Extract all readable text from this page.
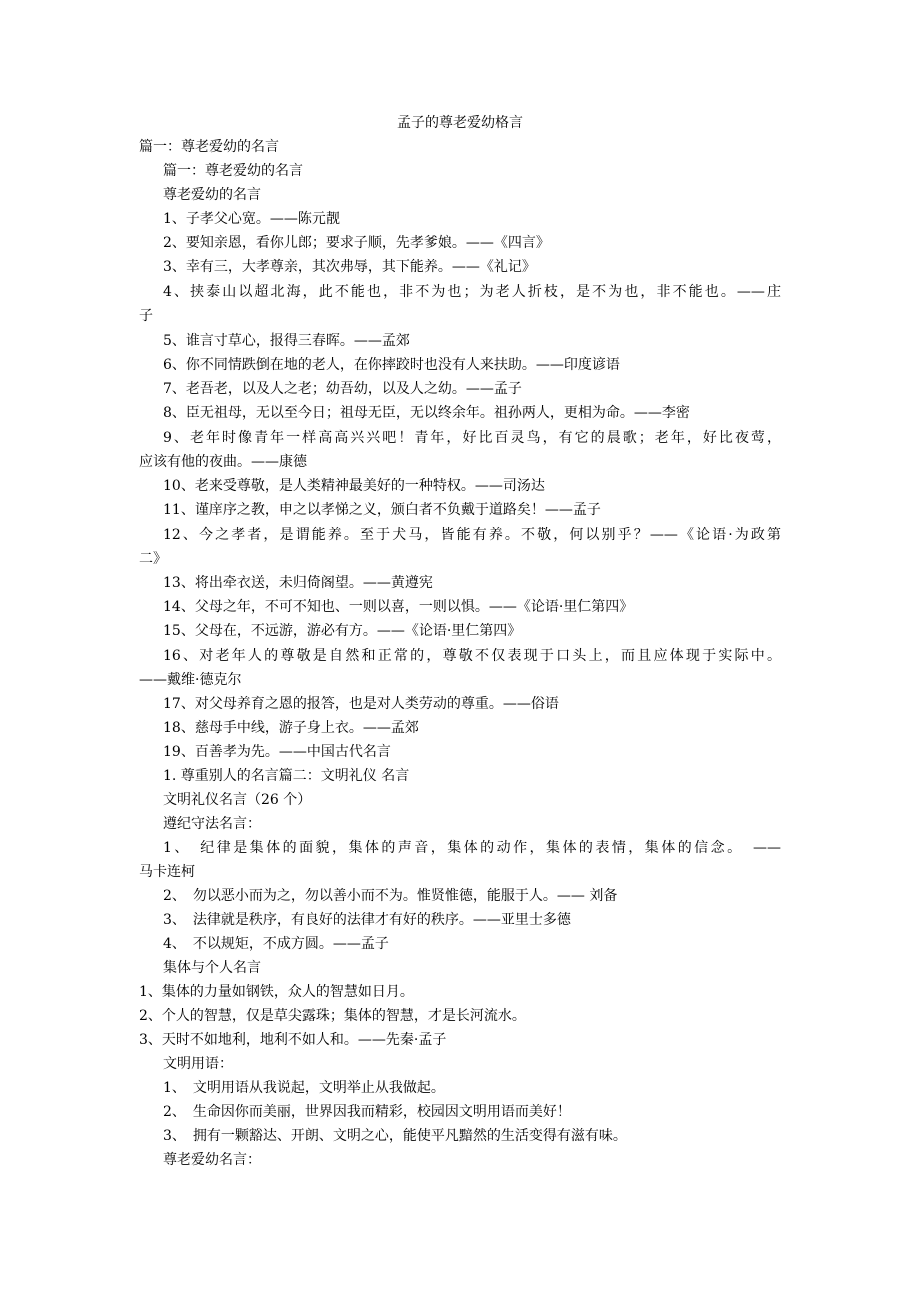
孟子的尊老爱幼格言
篇一：尊老爱幼的名言
篇一：尊老爱幼的名言
尊老爱幼的名言
1、子孝父心宽。——陈元靓
2、要知亲恩，看你儿郎；要求子顺，先孝爹娘。——《四言》
3、幸有三，大孝尊亲，其次弗辱，其下能养。——《礼记》
4、挟泰山以超北海，此不能也，非不为也；为老人折枝，是不为也，非不能也。——庄
子
5、谁言寸草心，报得三春晖。——孟郊
6、你不同情跌倒在地的老人，在你摔跤时也没有人来扶助。——印度谚语
7、老吾老，以及人之老；幼吾幼，以及人之幼。——孟子
8、臣无祖母，无以至今日；祖母无臣，无以终余年。祖孙两人，更相为命。——李密
9、老年时像青年一样高高兴兴吧！青年，好比百灵鸟，有它的晨歌；老年，好比夜莺，
应该有他的夜曲。——康德
10、老来受尊敬，是人类精神最美好的一种特权。——司汤达
11、谨庠序之教，申之以孝悌之义，颁白者不负戴于道路矣！——孟子
12、今之孝者，是谓能养。至于犬马，皆能有养。不敬，何以别乎？——《论语·为政第
二》
13、将出牵衣送，未归倚阁望。——黄遵宪
14、父母之年，不可不知也、一则以喜，一则以惧。——《论语·里仁第四》
15、父母在，不远游，游必有方。——《论语·里仁第四》
16、对老年人的尊敬是自然和正常的，尊敬不仅表现于口头上，而且应体现于实际中。
——戴维·德克尔
17、对父母养育之恩的报答，也是对人类劳动的尊重。——俗语
18、慈母手中线，游子身上衣。——孟郊
19、百善孝为先。——中国古代名言
1. 尊重别人的名言篇二：文明礼仪 名言
文明礼仪名言（26 个）
遵纪守法名言：
1、　纪律是集体的面貌，集体的声音，集体的动作，集体的表情，集体的信念。　——
马卡连柯
2、　勿以恶小而为之，勿以善小而不为。惟贤惟德，能服于人。—— 刘备
3、　法律就是秩序，有良好的法律才有好的秩序。——亚里士多德
4、　不以规矩，不成方圆。——孟子
集体与个人名言
1、集体的力量如钢铁，众人的智慧如日月。
2、个人的智慧，仅是草尖露珠；集体的智慧，才是长河流水。
3、天时不如地利，地利不如人和。——先秦·孟子
文明用语：
1、　文明用语从我说起，文明举止从我做起。
2、　生命因你而美丽，世界因我而精彩，校园因文明用语而美好！
3、　拥有一颗豁达、开朗、文明之心，能使平凡黯然的生活变得有滋有味。
尊老爱幼名言：
